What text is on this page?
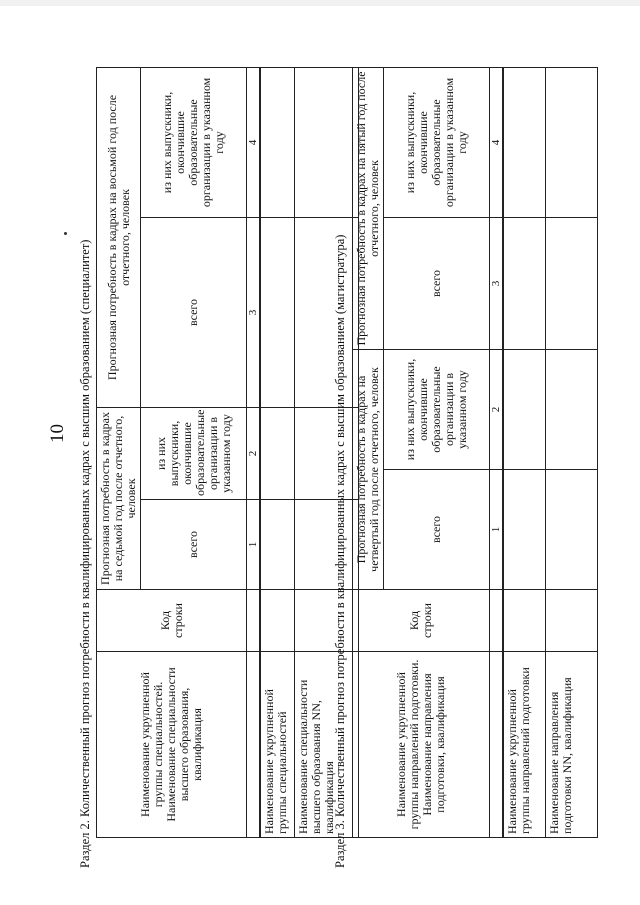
10 Раздел 2. Количественный прогноз потребности в квалифицированных кадрах с высшим образованием (специалитет)	Наименование укрупненной группы специальностей. Наименование специальности высшего образования, квалификация	Код строки	Прогнозная потребность в кадрах на седьмой год после отчетного, человек		Прогнозная потребность в кадрах на восьмой год после отчетного, человек	
		всего	из них выпускники, окончившие образовательные организации в указанном году	всего	из них выпускники, окончившие образовательные организации в указанном году
		1	2	3	4
Наименование укрупненной группы специальностей					
Наименование специальности высшего образования NN, квалификация					
Раздел 3. Количественный прогноз потребности в квалифицированных кадрах с высшим образованием (магистратура)	Наименование укрупненной группы направлений подготовки. Наименование направления подготовки, квалификация	Код строки	Прогнозная потребность в кадрах на четвертый год после отчетного, человек		Прогнозная потребность в кадрах на пятый год после отчетного, человек	
		всего	из них выпускники, окончившие образовательные организации в указанном году	всего	из них выпускники, окончившие образовательные организации в указанном году
		1	2	3	4
Наименование укрупненной группы направлений подготовки					
Наименование направления подготовки NN, квалификация					
